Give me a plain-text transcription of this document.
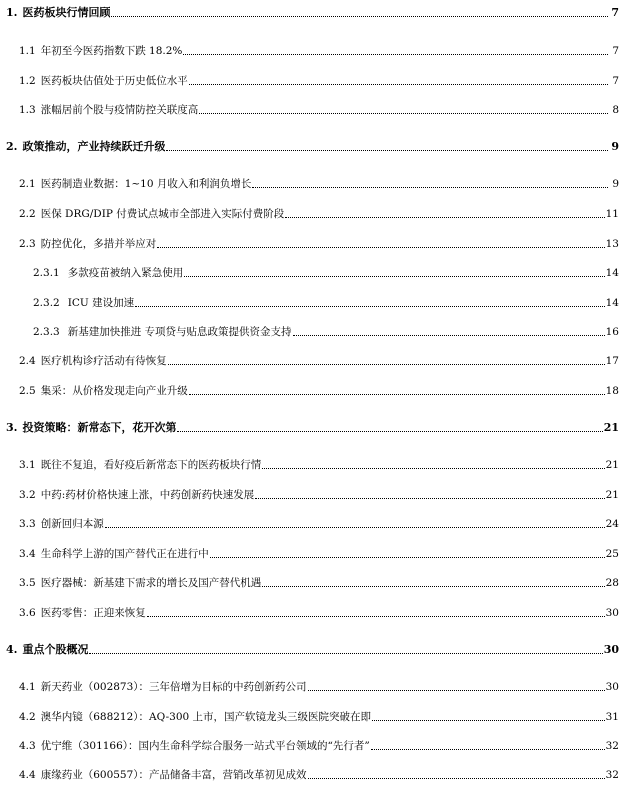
1. 医药板块行情回顾	7
1.1 年初至今医药指数下跌 18.2%	7
1.2 医药板块估值处于历史低位水平	7
1.3 涨幅居前个股与疫情防控关联度高	8
2. 政策推动，产业持续跃迁升级	9
2.1 医药制造业数据：1~10 月收入和利润负增长	9
2.2 医保 DRG/DIP 付费试点城市全部进入实际付费阶段	11
2.3 防控优化，多措并举应对	13
2.3.1 多款疫苗被纳入紧急使用	14
2.3.2 ICU 建设加速	14
2.3.3 新基建加快推进 专项贷与贴息政策提供资金支持	16
2.4 医疗机构诊疗活动有待恢复	17
2.5 集采：从价格发现走向产业升级	18
3. 投资策略：新常态下，花开次第	21
3.1 既往不复追，看好疫后新常态下的医药板块行情	21
3.2 中药:药材价格快速上涨，中药创新药快速发展	21
3.3 创新回归本源	24
3.4 生命科学上游的国产替代正在进行中	25
3.5 医疗器械：新基建下需求的增长及国产替代机遇	28
3.6 医药零售：正迎来恢复	30
4. 重点个股概况	30
4.1 新天药业（002873）：三年倍增为目标的中药创新药公司	30
4.2 澳华内镜（688212）：AQ-300 上市，国产软镜龙头三级医院突破在即	31
4.3 优宁维（301166）：国内生命科学综合服务一站式平台领域的“先行者”	32
4.4 康缘药业（600557）：产品储备丰富，营销改革初见成效	32
